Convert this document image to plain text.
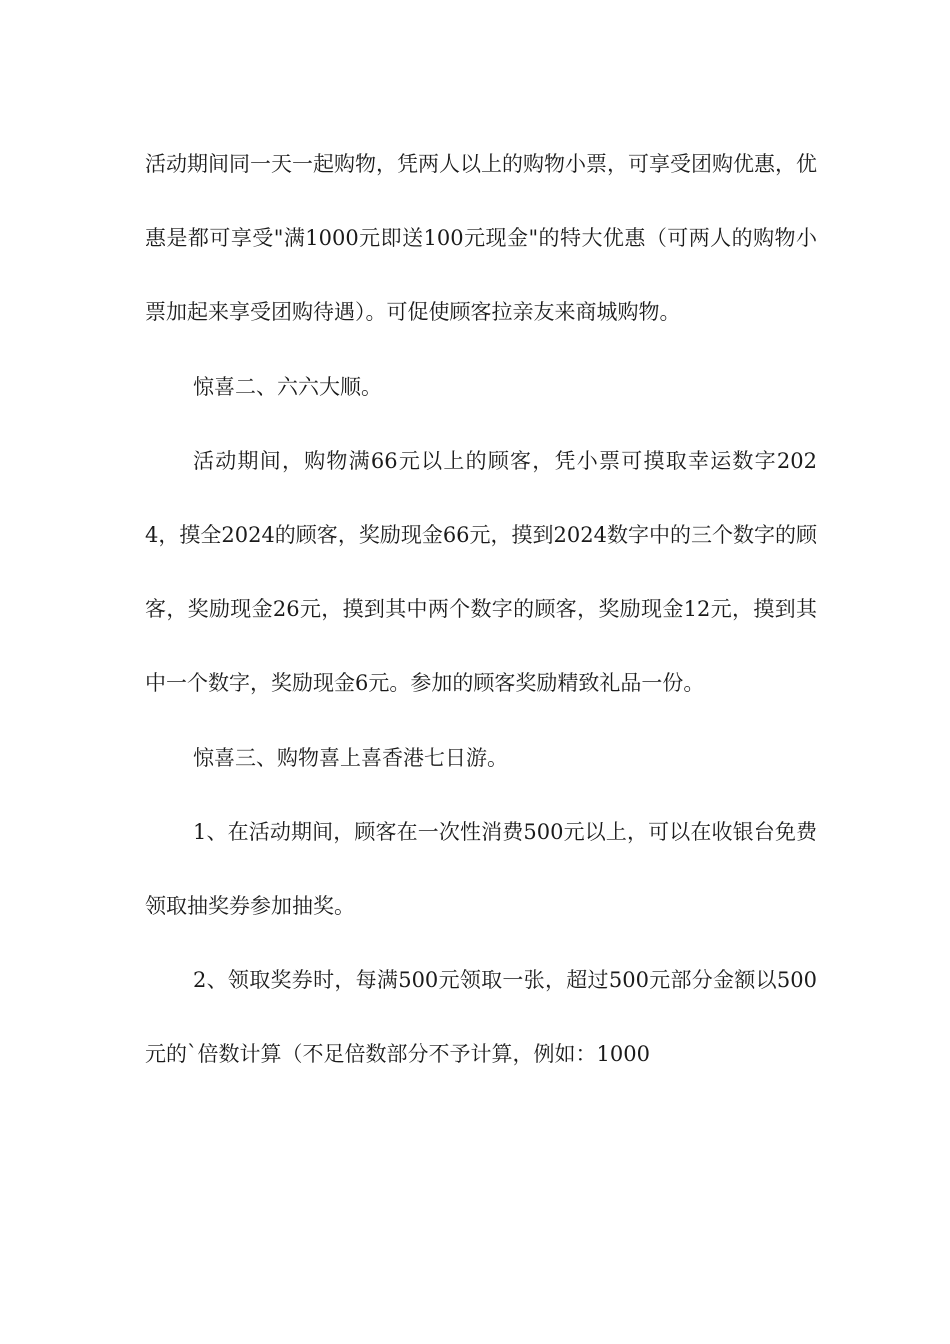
活动期间同一天一起购物，凭两人以上的购物小票，可享受团购优惠，优惠是都可享受"满1000元即送100元现金"的特大优惠（可两人的购物小票加起来享受团购待遇）。可促使顾客拉亲友来商城购物。

惊喜二、六六大顺。

活动期间，购物满66元以上的顾客，凭小票可摸取幸运数字2024，摸全2024的顾客，奖励现金66元，摸到2024数字中的三个数字的顾客，奖励现金26元，摸到其中两个数字的顾客，奖励现金12元，摸到其中一个数字，奖励现金6元。参加的顾客奖励精致礼品一份。

惊喜三、购物喜上喜香港七日游。

1、在活动期间，顾客在一次性消费500元以上，可以在收银台免费领取抽奖券参加抽奖。

2、领取奖券时，每满500元领取一张，超过500元部分金额以500元的`倍数计算（不足倍数部分不予计算，例如：1000
